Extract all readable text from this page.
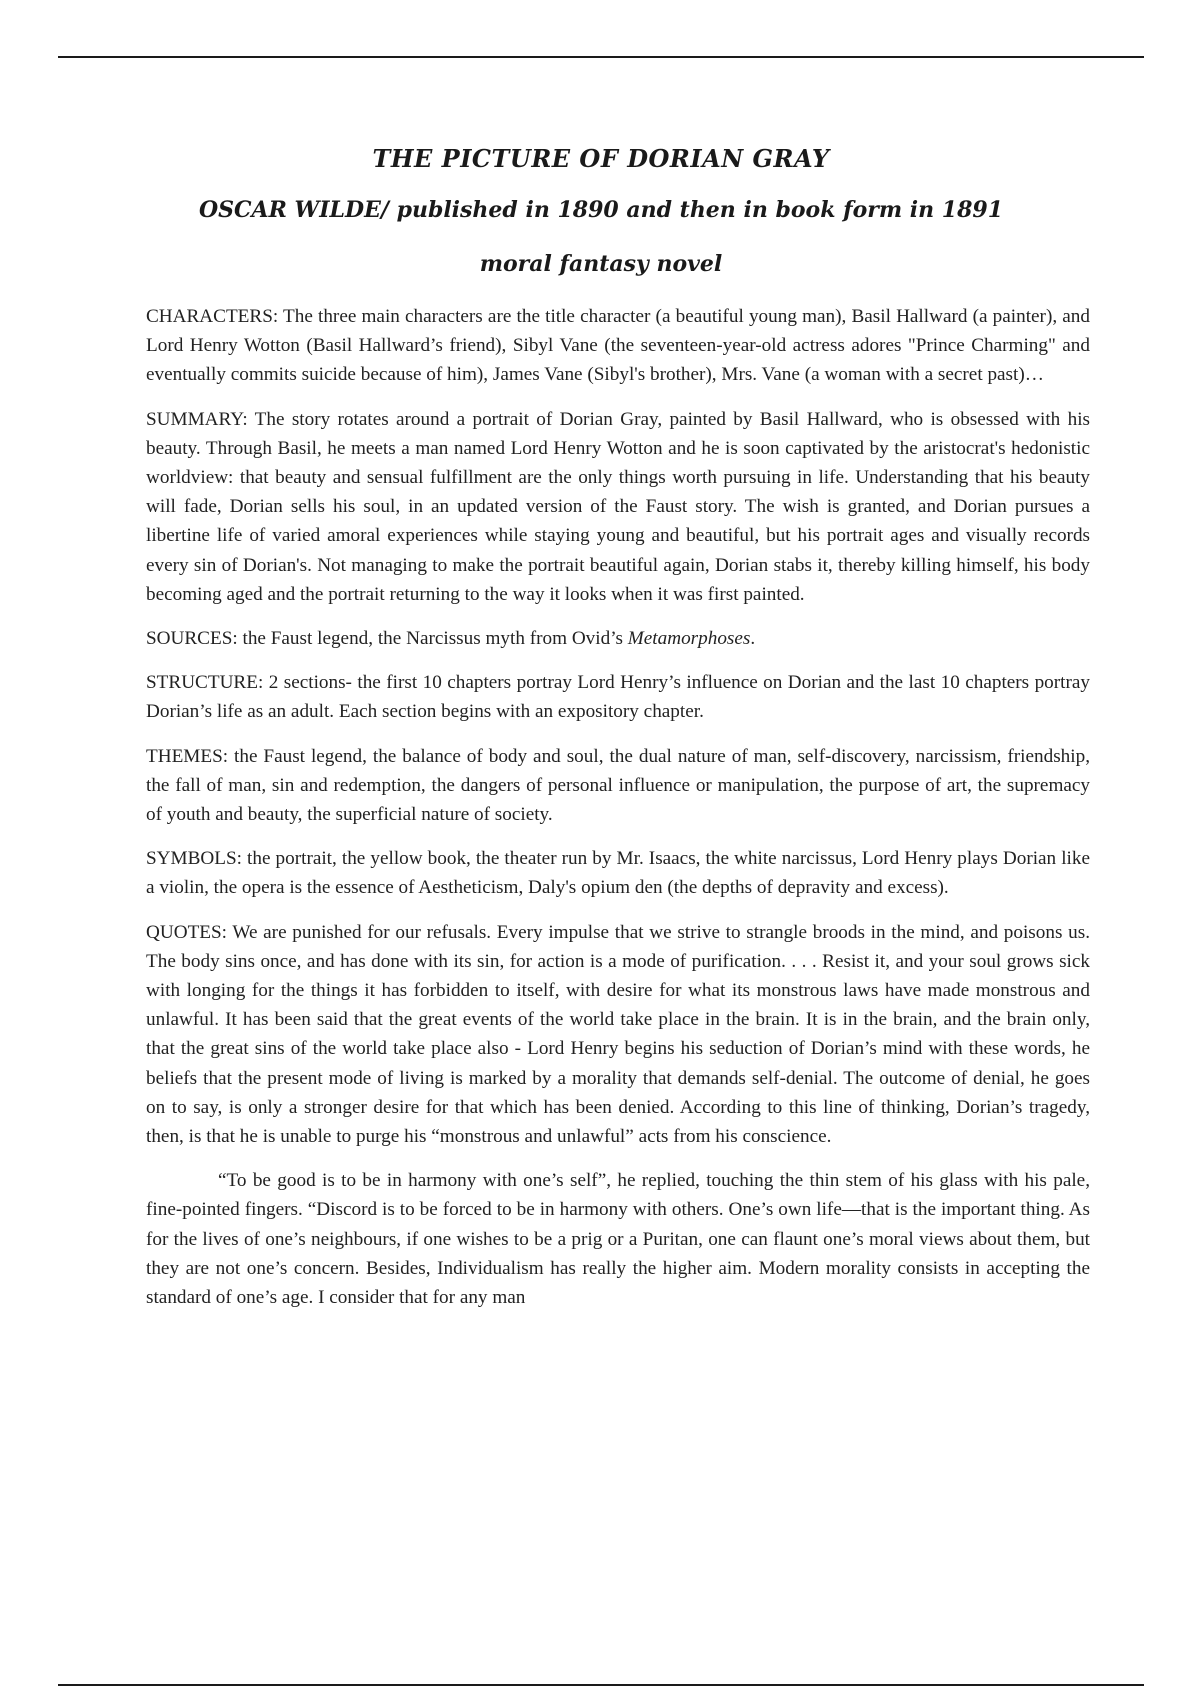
THE PICTURE OF DORIAN GRAY
OSCAR WILDE/ published in 1890 and then in book form in 1891
moral fantasy novel

CHARACTERS: The three main characters are the title character (a beautiful young man), Basil Hallward (a painter), and Lord Henry Wotton (Basil Hallward’s friend), Sibyl Vane (the seventeen-year-old actress adores "Prince Charming" and eventually commits suicide because of him), James Vane (Sibyl's brother), Mrs. Vane (a woman with a secret past)…

SUMMARY: The story rotates around a portrait of Dorian Gray, painted by Basil Hallward, who is obsessed with his beauty. Through Basil, he meets a man named Lord Henry Wotton and he is soon captivated by the aristocrat's hedonistic worldview: that beauty and sensual fulfillment are the only things worth pursuing in life. Understanding that his beauty will fade, Dorian sells his soul, in an updated version of the Faust story. The wish is granted, and Dorian pursues a libertine life of varied amoral experiences while staying young and beautiful, but his portrait ages and visually records every sin of Dorian's. Not managing to make the portrait beautiful again, Dorian stabs it, thereby killing himself, his body becoming aged and the portrait returning to the way it looks when it was first painted.

SOURCES: the Faust legend, the Narcissus myth from Ovid’s Metamorphoses.

STRUCTURE: 2 sections- the first 10 chapters portray Lord Henry’s influence on Dorian and the last 10 chapters portray Dorian’s life as an adult. Each section begins with an expository chapter.

THEMES: the Faust legend, the balance of body and soul, the dual nature of man, self-discovery, narcissism, friendship, the fall of man, sin and redemption, the dangers of personal influence or manipulation, the purpose of art, the supremacy of youth and beauty, the superficial nature of society.

SYMBOLS: the portrait, the yellow book, the theater run by Mr. Isaacs, the white narcissus, Lord Henry plays Dorian like a violin, the opera is the essence of Aestheticism, Daly's opium den (the depths of depravity and excess).

QUOTES: We are punished for our refusals. Every impulse that we strive to strangle broods in the mind, and poisons us. The body sins once, and has done with its sin, for action is a mode of purification. . . . Resist it, and your soul grows sick with longing for the things it has forbidden to itself, with desire for what its monstrous laws have made monstrous and unlawful. It has been said that the great events of the world take place in the brain. It is in the brain, and the brain only, that the great sins of the world take place also - Lord Henry begins his seduction of Dorian’s mind with these words, he beliefs that the present mode of living is marked by a morality that demands self-denial. The outcome of denial, he goes on to say, is only a stronger desire for that which has been denied. According to this line of thinking, Dorian’s tragedy, then, is that he is unable to purge his “monstrous and unlawful” acts from his conscience.

“To be good is to be in harmony with one’s self”, he replied, touching the thin stem of his glass with his pale, fine-pointed fingers. “Discord is to be forced to be in harmony with others. One’s own life—that is the important thing. As for the lives of one’s neighbours, if one wishes to be a prig or a Puritan, one can flaunt one’s moral views about them, but they are not one’s concern. Besides, Individualism has really the higher aim. Modern morality consists in accepting the standard of one’s age. I consider that for any man
